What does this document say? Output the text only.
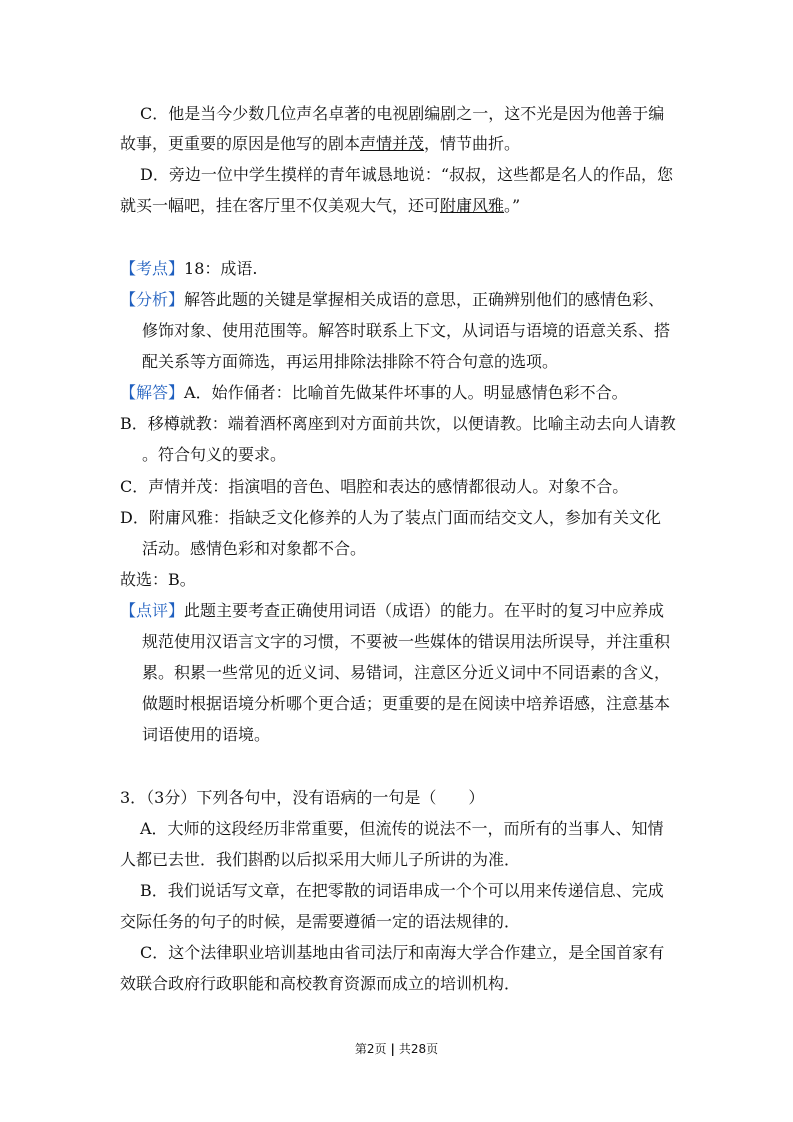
C．他是当今少数几位声名卓著的电视剧编剧之一，这不光是因为他善于编
故事，更重要的原因是他写的剧本声情并茂，情节曲折。
D．旁边一位中学生摸样的青年诚恳地说：“叔叔，这些都是名人的作品，您
就买一幅吧，挂在客厅里不仅美观大气，还可附庸风雅。”
【考点】18：成语.
【分析】解答此题的关键是掌握相关成语的意思，正确辨别他们的感情色彩、
修饰对象、使用范围等。解答时联系上下文，从词语与语境的语意关系、搭
配关系等方面筛选，再运用排除法排除不符合句意的选项。
【解答】A．始作俑者：比喻首先做某件坏事的人。明显感情色彩不合。
B．移樽就教：端着酒杯离座到对方面前共饮，以便请教。比喻主动去向人请教
。符合句义的要求。
C．声情并茂：指演唱的音色、唱腔和表达的感情都很动人。对象不合。
D．附庸风雅：指缺乏文化修养的人为了装点门面而结交文人，参加有关文化
活动。感情色彩和对象都不合。
故选：B。
【点评】此题主要考查正确使用词语（成语）的能力。在平时的复习中应养成
规范使用汉语言文字的习惯，不要被一些媒体的错误用法所误导，并注重积
累。积累一些常见的近义词、易错词，注意区分近义词中不同语素的含义，
做题时根据语境分析哪个更合适；更重要的是在阅读中培养语感，注意基本
词语使用的语境。
3．（3分）下列各句中，没有语病的一句是（　　）
A．大师的这段经历非常重要，但流传的说法不一，而所有的当事人、知情
人都已去世．我们斟酌以后拟采用大师儿子所讲的为准．
B．我们说话写文章，在把零散的词语串成一个个可以用来传递信息、完成
交际任务的句子的时候，是需要遵循一定的语法规律的．
C．这个法律职业培训基地由省司法厅和南海大学合作建立，是全国首家有
效联合政府行政职能和高校教育资源而成立的培训机构．
第2页 | 共28页
